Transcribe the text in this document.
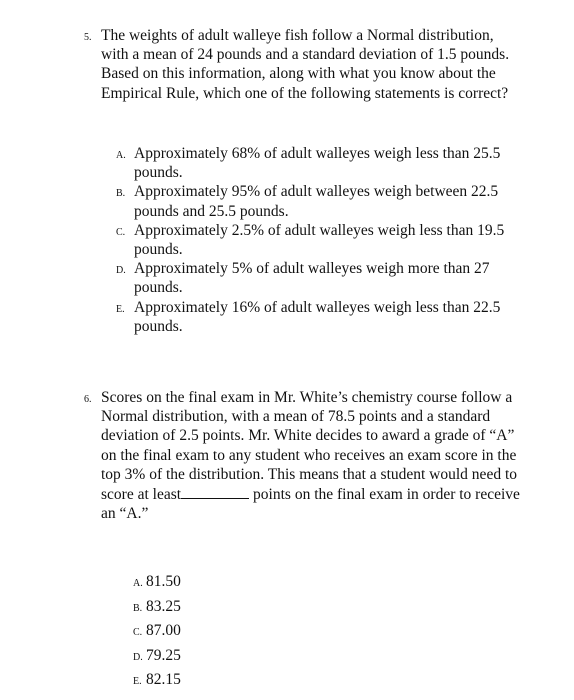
5. The weights of adult walleye fish follow a Normal distribution, with a mean of 24 pounds and a standard deviation of 1.5 pounds. Based on this information, along with what you know about the Empirical Rule, which one of the following statements is correct?
A. Approximately 68% of adult walleyes weigh less than 25.5 pounds.
B. Approximately 95% of adult walleyes weigh between 22.5 pounds and 25.5 pounds.
C. Approximately 2.5% of adult walleyes weigh less than 19.5 pounds.
D. Approximately 5% of adult walleyes weigh more than 27 pounds.
E. Approximately 16% of adult walleyes weigh less than 22.5 pounds.
6. Scores on the final exam in Mr. White’s chemistry course follow a Normal distribution, with a mean of 78.5 points and a standard deviation of 2.5 points. Mr. White decides to award a grade of “A” on the final exam to any student who receives an exam score in the top 3% of the distribution. This means that a student would need to score at least	points on the final exam in order to receive an “A.”
A. 81.50
B. 83.25
C. 87.00
D. 79.25
E. 82.15
